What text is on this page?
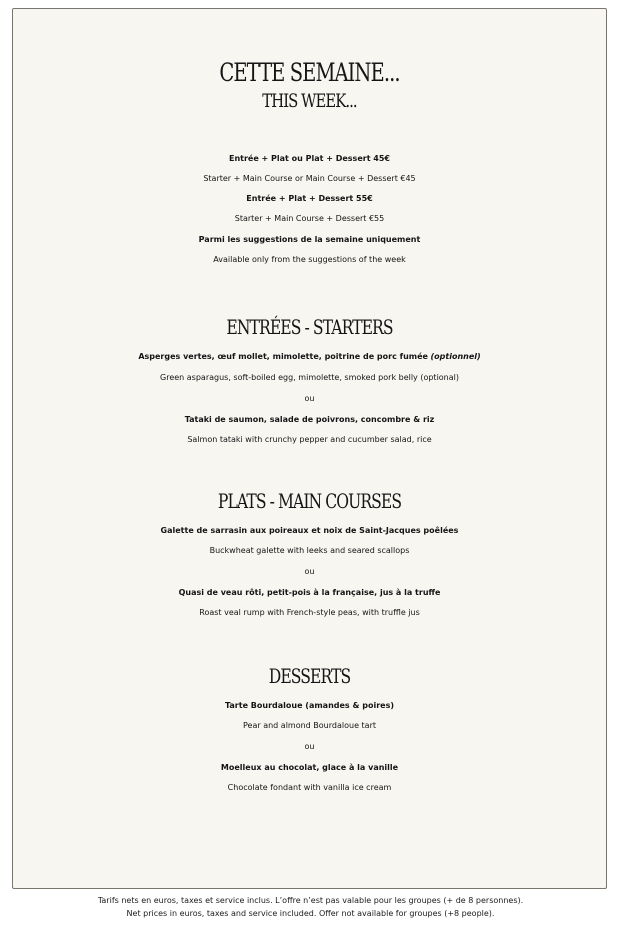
CETTE SEMAINE...
THIS WEEK...
Entrée + Plat ou Plat + Dessert 45€
Starter + Main Course or Main Course + Dessert €45
Entrée + Plat + Dessert 55€
Starter + Main Course + Dessert €55
Parmi les suggestions de la semaine uniquement
Available only from the suggestions of the week
ENTRÉES - STARTERS
Asperges vertes, œuf mollet, mimolette, poitrine de porc fumée (optionnel)
Green asparagus, soft-boiled egg, mimolette, smoked pork belly (optional)
ou
Tataki de saumon, salade de poivrons, concombre & riz
Salmon tataki with crunchy pepper and cucumber salad, rice
PLATS - MAIN COURSES
Galette de sarrasin aux poireaux et noix de Saint-Jacques poêlées
Buckwheat galette with leeks and seared scallops
ou
Quasi de veau rôti, petit-pois à la française, jus à la truffe
Roast veal rump with French-style peas, with truffle jus
DESSERTS
Tarte Bourdaloue (amandes & poires)
Pear and almond Bourdaloue tart
ou
Moelleux au chocolat, glace à la vanille
Chocolate fondant with vanilla ice cream
Tarifs nets en euros, taxes et service inclus. L’offre n’est pas valable pour les groupes (+ de 8 personnes).
Net prices in euros, taxes and service included. Offer not available for groupes (+8 people).
